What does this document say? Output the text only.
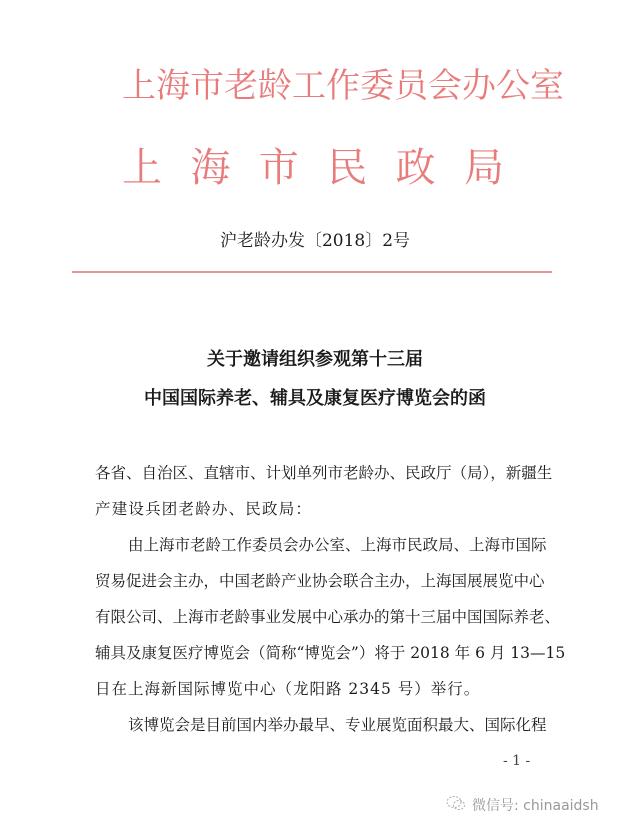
上海市老龄工作委员会办公室
上海市民政局
沪老龄办发〔2018〕2号
关于邀请组织参观第十三届
中国国际养老、辅具及康复医疗博览会的函
各省、自治区、直辖市、计划单列市老龄办、民政厅（局），新疆生
产建设兵团老龄办、民政局：
由上海市老龄工作委员会办公室、上海市民政局、上海市国际
贸易促进会主办，中国老龄产业协会联合主办，上海国展展览中心
有限公司、上海市老龄事业发展中心承办的第十三届中国国际养老、
辅具及康复医疗博览会（简称“博览会”）将于 2018 年 6 月 13—15
日在上海新国际博览中心（龙阳路 2345 号）举行。
该博览会是目前国内举办最早、专业展览面积最大、国际化程
- 1 -
微信号: chinaaidsh
